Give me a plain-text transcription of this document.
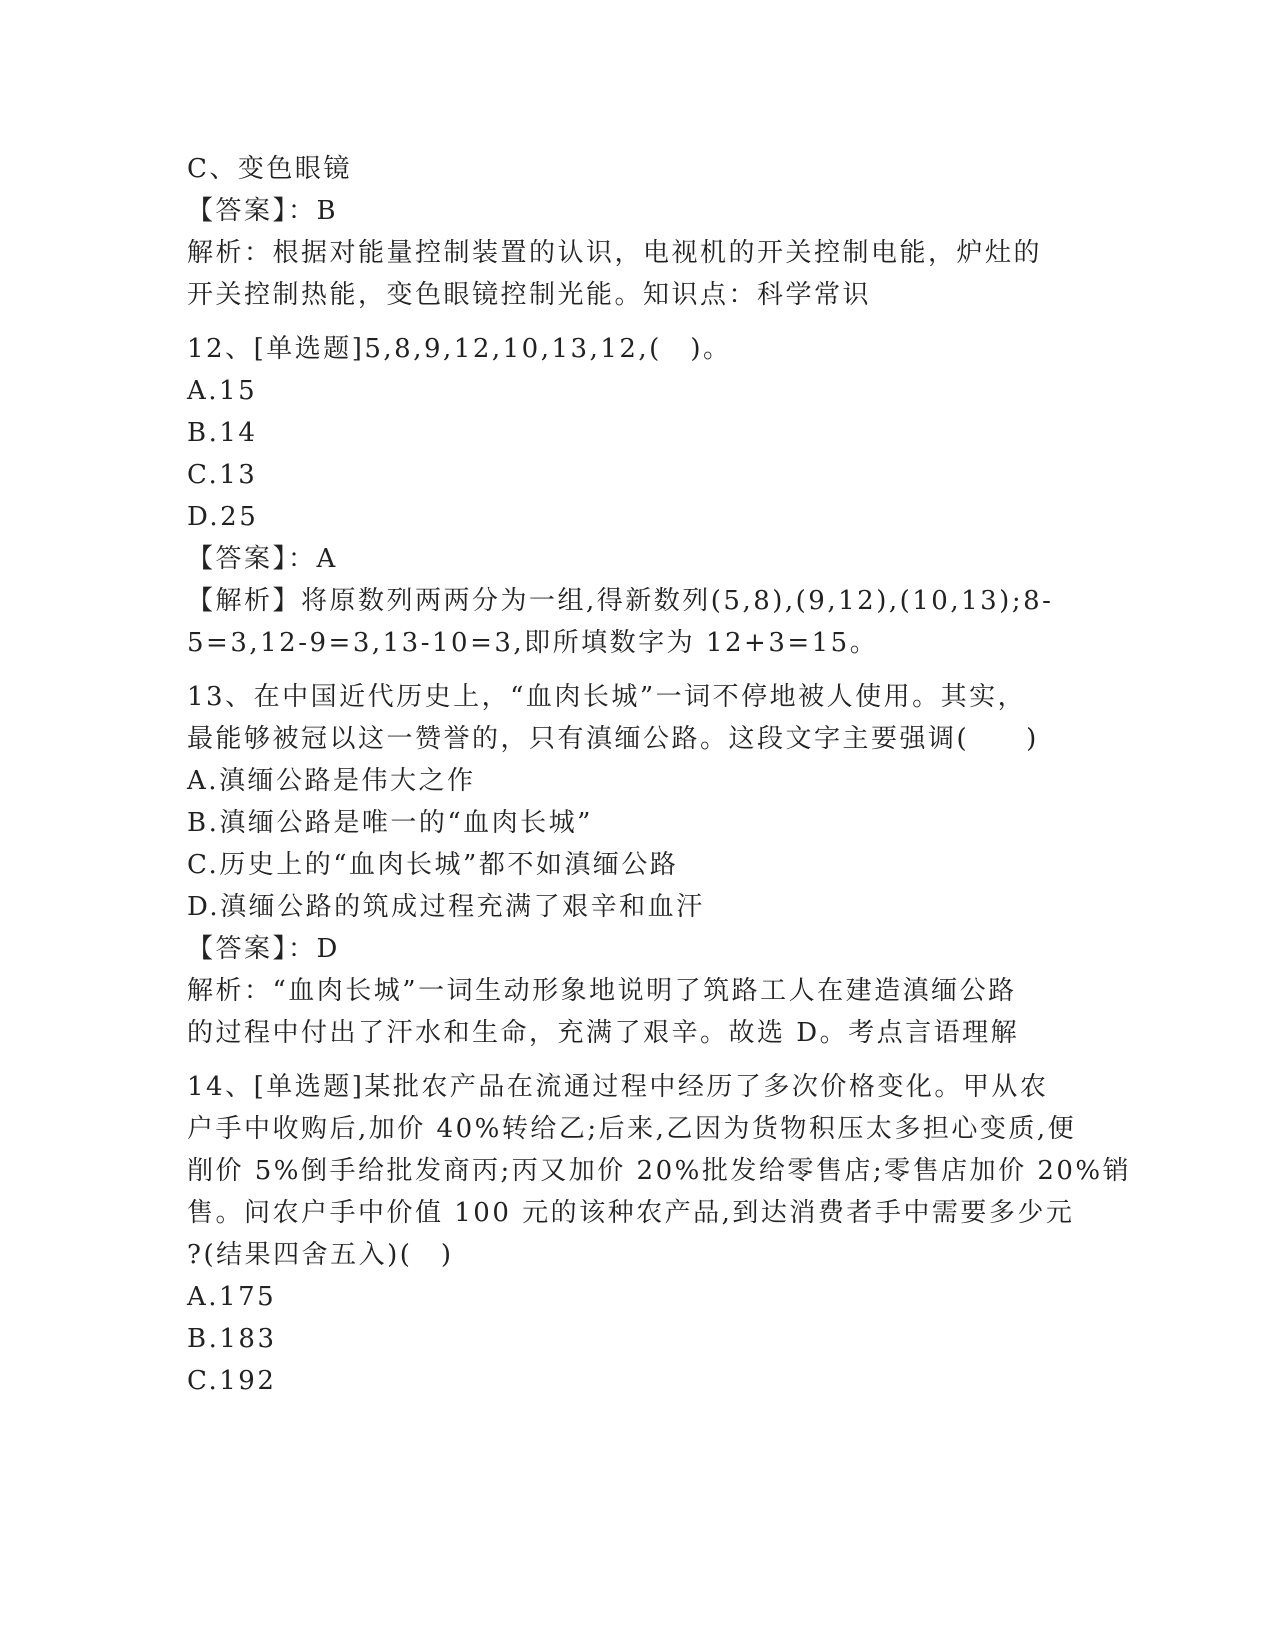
C、变色眼镜
【答案】：B
解析：根据对能量控制装置的认识，电视机的开关控制电能，炉灶的
开关控制热能，变色眼镜控制光能。知识点：科学常识
12、[单选题]5,8,9,12,10,13,12,(　)。
A.15
B.14
C.13
D.25
【答案】：A
【解析】将原数列两两分为一组,得新数列(5,8),(9,12),(10,13);8-
5=3,12-9=3,13-10=3,即所填数字为 12+3=15。
13、在中国近代历史上，“血肉长城”一词不停地被人使用。其实，
最能够被冠以这一赞誉的，只有滇缅公路。这段文字主要强调(　　)
A.滇缅公路是伟大之作
B.滇缅公路是唯一的“血肉长城”
C.历史上的“血肉长城”都不如滇缅公路
D.滇缅公路的筑成过程充满了艰辛和血汗
【答案】：D
解析：“血肉长城”一词生动形象地说明了筑路工人在建造滇缅公路
的过程中付出了汗水和生命，充满了艰辛。故选 D。考点言语理解
14、[单选题]某批农产品在流通过程中经历了多次价格变化。甲从农
户手中收购后,加价 40%转给乙;后来,乙因为货物积压太多担心变质,便
削价 5%倒手给批发商丙;丙又加价 20%批发给零售店;零售店加价 20%销
售。问农户手中价值 100 元的该种农产品,到达消费者手中需要多少元
?(结果四舍五入)(　)
A.175
B.183
C.192
